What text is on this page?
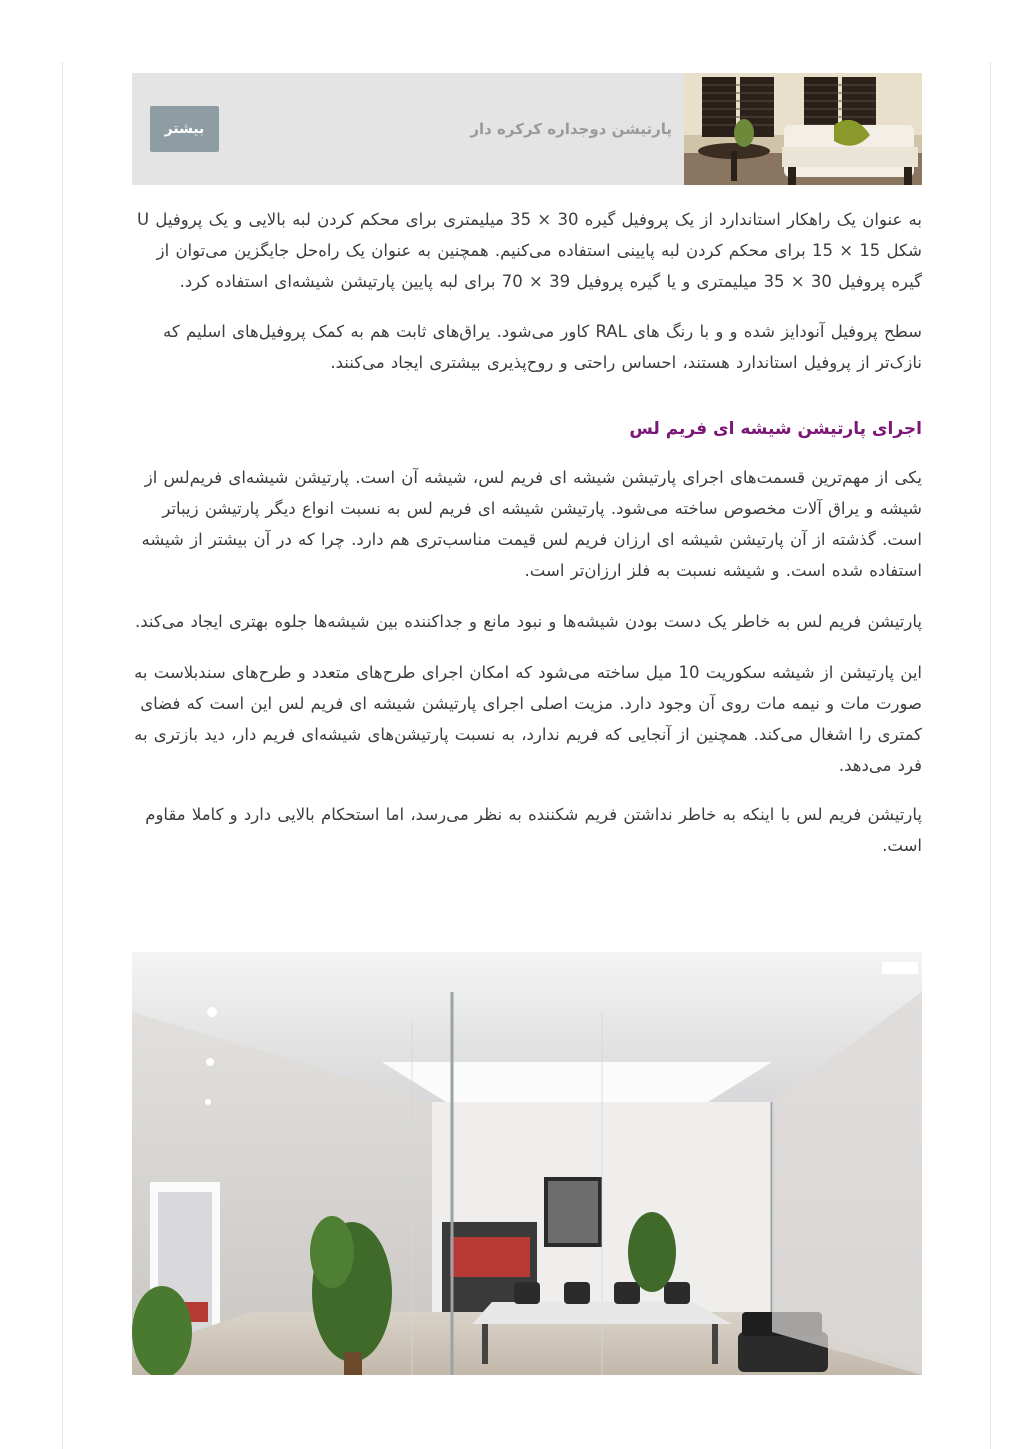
پارتیشن دوجداره کرکره دار
بیشتر

به عنوان یک راهکار استاندارد از یک پروفیل گیره 30 × 35 میلیمتری برای محکم کردن لبه بالایی و یک پروفیل U شکل 15 × 15 برای محکم کردن لبه پایینی استفاده می‌کنیم. همچنین به عنوان یک راه‌حل جایگزین می‌توان از گیره پروفیل 30 × 35 میلیمتری و یا گیره پروفیل 39 × 70 برای لبه پایین پارتیشن شیشه‌ای استفاده کرد.

سطح پروفیل آنودایز شده و و با رنگ های RAL کاور می‌شود. یراق‌های ثابت هم به کمک پروفیل‌های اسلیم که نازک‌تر از پروفیل استاندارد هستند، احساس راحتی و روح‌پذیری بیشتری ایجاد می‌کنند.

اجرای پارتیشن شیشه ای فریم لس

یکی از مهم‌ترین قسمت‌های اجرای پارتیشن شیشه ای فریم لس، شیشه آن است. پارتیشن شیشه‌ای فریم‌لس از شیشه و یراق آلات مخصوص ساخته می‌شود. پارتیشن شیشه ای فریم لس به نسبت انواع دیگر پارتیشن زیباتر است. گذشته از آن پارتیشن شیشه ای ارزان فریم لس قیمت مناسب‌تری هم دارد. چرا که در آن بیشتر از شیشه استفاده شده است. و شیشه نسبت به فلز ارزان‌تر است.

پارتیشن فریم لس به خاطر یک دست بودن شیشه‌ها و نبود مانع و جداکننده بین شیشه‌ها جلوه بهتری ایجاد می‌کند.

این پارتیشن از شیشه سکوریت 10 میل ساخته می‌شود که امکان اجرای طرح‌های متعدد و طرح‌های سندبلاست به صورت مات و نیمه مات روی آن وجود دارد. مزیت اصلی اجرای پارتیشن شیشه ای فریم لس این است که فضای کمتری را اشغال می‌کند. همچنین از آنجایی که فریم ندارد، به نسبت پارتیشن‌های شیشه‌ای فریم دار، دید بازتری به فرد می‌دهد.

پارتیشن فریم لس با اینکه به خاطر نداشتن فریم شکننده به نظر می‌رسد، اما استحکام بالایی دارد و کاملا مقاوم است.
